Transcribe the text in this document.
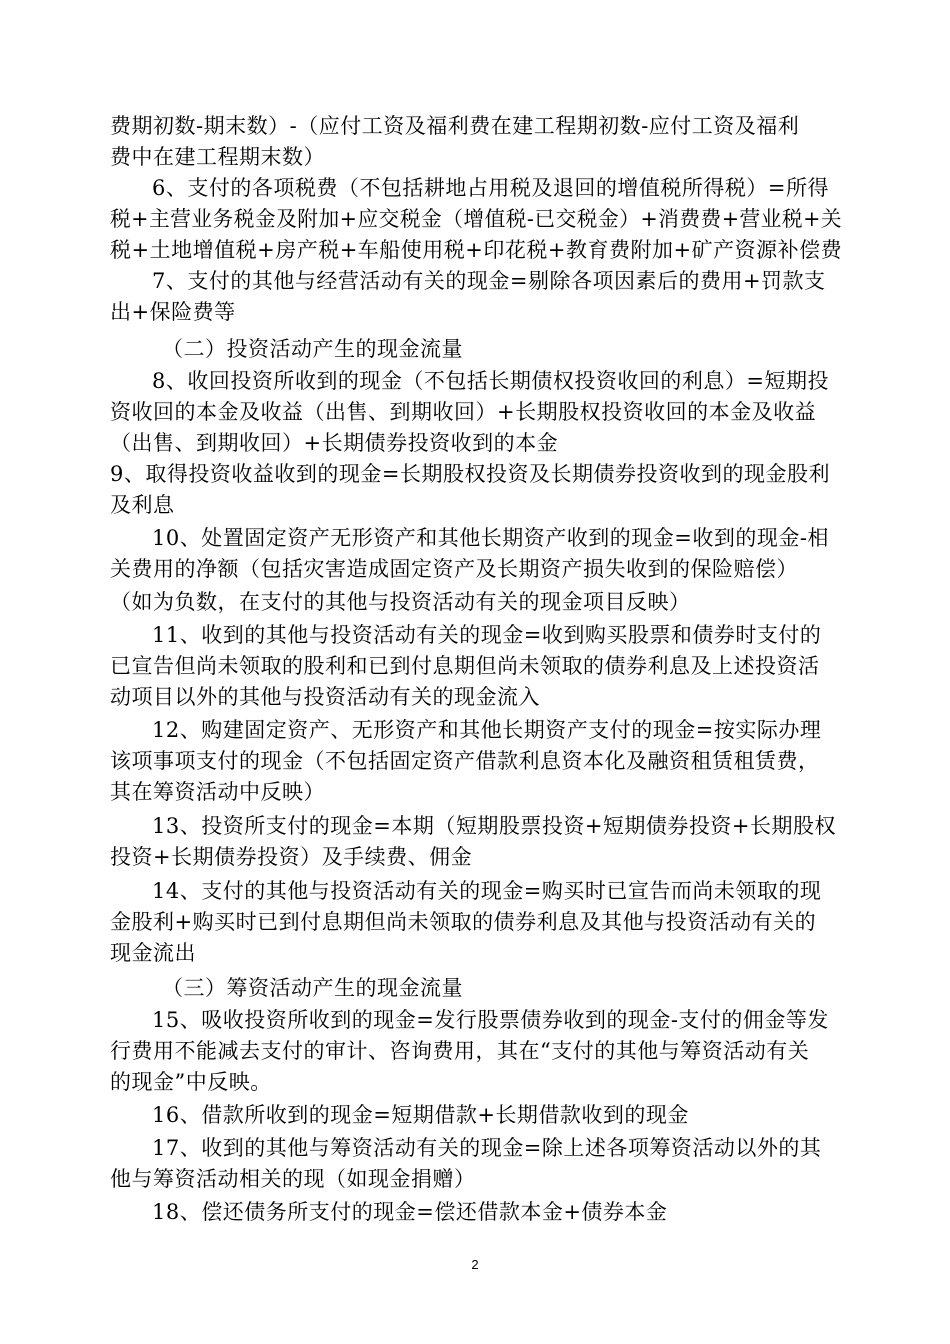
费期初数-期末数）-（应付工资及福利费在建工程期初数-应付工资及福利
费中在建工程期末数）
6、支付的各项税费（不包括耕地占用税及退回的增值税所得税）=所得
税+主营业务税金及附加+应交税金（增值税-已交税金）+消费费+营业税+关
税+土地增值税+房产税+车船使用税+印花税+教育费附加+矿产资源补偿费
7、支付的其他与经营活动有关的现金=剔除各项因素后的费用+罚款支
出+保险费等
（二）投资活动产生的现金流量
8、收回投资所收到的现金（不包括长期债权投资收回的利息）=短期投
资收回的本金及收益（出售、到期收回）+长期股权投资收回的本金及收益
（出售、到期收回）+长期债券投资收到的本金
9、取得投资收益收到的现金=长期股权投资及长期债券投资收到的现金股利
及利息
10、处置固定资产无形资产和其他长期资产收到的现金=收到的现金-相
关费用的净额（包括灾害造成固定资产及长期资产损失收到的保险赔偿）
（如为负数，在支付的其他与投资活动有关的现金项目反映）
11、收到的其他与投资活动有关的现金=收到购买股票和债券时支付的
已宣告但尚未领取的股利和已到付息期但尚未领取的债券利息及上述投资活
动项目以外的其他与投资活动有关的现金流入
12、购建固定资产、无形资产和其他长期资产支付的现金=按实际办理
该项事项支付的现金（不包括固定资产借款利息资本化及融资租赁租赁费，
其在筹资活动中反映）
13、投资所支付的现金=本期（短期股票投资+短期债券投资+长期股权
投资+长期债券投资）及手续费、佣金
14、支付的其他与投资活动有关的现金=购买时已宣告而尚未领取的现
金股利+购买时已到付息期但尚未领取的债券利息及其他与投资活动有关的
现金流出
（三）筹资活动产生的现金流量
15、吸收投资所收到的现金=发行股票债券收到的现金-支付的佣金等发
行费用不能减去支付的审计、咨询费用，其在“支付的其他与筹资活动有关
的现金”中反映。
16、借款所收到的现金=短期借款+长期借款收到的现金
17、收到的其他与筹资活动有关的现金=除上述各项筹资活动以外的其
他与筹资活动相关的现（如现金捐赠）
18、偿还债务所支付的现金=偿还借款本金+债券本金
2
